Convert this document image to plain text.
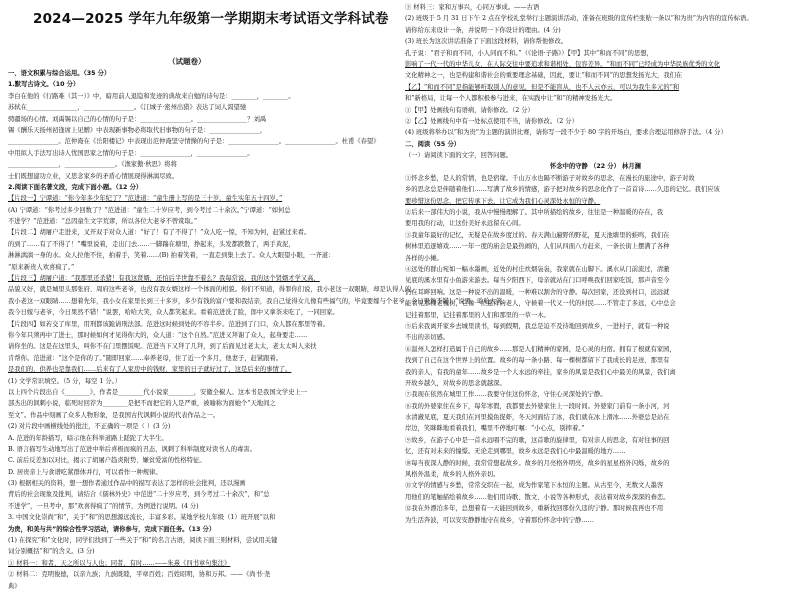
2024—2025 学年九年级第一学期期末考试语文学科试卷
（试题卷）
一、语文积累与综合运用。（35 分）
1.默写古诗文。（10 分）
李白在他的《行路难（其一）》中，暗用前人退隐和发迹的典故来自勉的诗句是：________，________。
苏轼在________________，________________。《江城子·密州出猎》表达了词人渴望驰
骋疆场的心情。刘禹锡以自己的心情的句子是：________________。________________？刘禹
锡《酬乐天扬州初逢席上见赠》中表现新事物必将取代旧事物的句子是：________________，
________________。范仲淹在《岳阳楼记》中表现出范仲淹坚守情操的句子是：________________。________________。杜甫《春望》
中用拟人手法写出诗人忧国思家之情的句子是：________________，________________。
________________，________________。《渔家傲·秋思》将将
士们既想建功立业，又思念家乡的矛盾心情展现得淋漓尽致。
2.阅读下面名著文段，完成下面小题。（12 分）
【片段一】宁谭道：“你今年多少年纪了？”范进道：“童生册上写的是三十岁，童生实年五十四岁。”
(A) 宁谭道：“你考过多少回数了？”范进道：“童生二十岁应考，到今考过二十余次。”宁谭道：“如何总
不进学？”范进道：“总因童生文字荒谬，所以各位大老爷不曾赏取。”
【片段二】胡屠户走进来，叉开双手对众人道：“好了！有了不得了！”众人吃一惊，不知为何，赶紧过来看。
的到了……有了不得了！”嘴里说着，走出门去……一脚踹在塘里，挣起来，头发都跌散了，两手黄泥，
淋淋漓漓一身的水。众人拉他不住，拍着手，笑着……(B) 拍着笑着，一直走到集上去了。众人大眼望小眼，一齐道：
“原来新贵人欢喜疯了。”
【片段三】胡屠户道：“我那里还杀猪！有我这贤婿，还怕后半世靠不着么？我每常说，我的这个贤婿才学又高，
品貌又好，就是城里头那张府、周府这些老爷，也没有我女婿这样一个体面的相貌。你们不知道，得罪你们说，我小老这一双眼睛，却是认得人的。
我小老这一双眼睛……想着先年，我小女在家里长到三十多岁，多少有钱的富户要和我结亲，我自己觉得女儿像有些福气的，毕竟要嫁与个老爷，今日果然不错！”说罢，哈哈大笑。
我今日嫁与老爷，今日果然不错！”说罢，哈哈大笑，众人都笑起来。看着范进洗了脸，郎中又拿茶来吃了，一同回家。
【片段四】如若交了库里，用刑都该跪请刑法部。范进这时候到处的不容半步。范进到了门口，众人都在那里等着。
你今年只须再中了进士，那时候如何才见得你大的，众人道：“这个自然。”范进又拜谢了众人，起身要走……
请你坐的。这是在这里头，叫你不在门里摆饭呢。范进当下又拜了几拜，到了后面见过老太太，老太太叫人来扶
肯帮你。范进道：“这个是你的了。”随即回家……奉养老母，住了近一个多月，他妻子，赶紧跟着。
是我们的，供养也是靠我们……后来有了人家房中的钱财，家里的日子就好过了，这是后来的事情了。
(1) 文学常识填空。（5 分，每空 1 分。）
以上四个片段出自《________》，作者是________代小说家________，安徽全椒人。这本书是我国文学史上一
部杰出的讽刺小说，临死时回荐为________是把不而把它的人是严重，被喻称为面她个“天地间之
至文”。作品中刻画了众多人物形象，是我国古代讽刺小说的代表作品之一。
(2) 对片段中画横线处的批注，不正确的一项是（ ）(3 分)
A. 范进的年龄描写，暗示他在科举道路上蹉跎了大半生。
B. 语言描写生动地写出了范进中举后喜极而疯的丑态，讽刺了科举制度对读书人的毒害。
C. 前后反差加以对比，揭示了胡屠户趋炎附势、嫌贫爱富的性格特征。
D. 居贵亲上与食谱吃紧群体并行，可以看作一种规律。
(3) 根据相关的资料，想一想作者通过作品中的描写表达了怎样的社会批判，还以漫画
背后的社会现象及批判，请结合《儒林外史》中范进“二十岁应考，到今考过二十余次”，和“总
不进学”，一旦考中，那“欢喜得疯了”的情节，为例进行说明。(4 分)
3. 中国文化崇尚“和”，关于“和”的思想源远流长，丰富多彩。某地学校九年级（1）班开展“以和
为贵，和美与共”的综合性学习活动，请你参与，完成下面任务。（13 分）
(1) 在探究“和”文化时，同学们找到了一些关于“和”的名言古语，阅读下面三则材料，尝试用关键
词分别概括“和”的含义。(3 分)
① 材料一：和者，天之所以与人也；同者，有时……——朱熹《四书章句集注》
② 材料二：克明俊德，以亲九族；九族既睦，平章百姓；百姓昭明，协和万邦。——《尚书·尧
典》
③ 材料三：家和万事兴，心同万事成。——古语
(2) 班级于 5 月 31 日下午 2 点在学校礼堂举行主题演讲活动，准备在班级的宣传栏张贴一条以“和为贵”为内容的宣传标语。
请你给东来设计一条，并说明一下你设计的理由。(4 分)
(3) 班长为这次讲话准备了下面这段材料，请你帮他修改。
孔子说：“君子和而不同，小人同而不和。”（《论语·子路》）【甲】其中“和而不同”的思想，
影响了一代一代的中华儿女，在人际交往中要追求和谐相处、包容差异。“和而不同”已经成为中华民族优秀的文化
文化精神之一，也是构建和谐社会的重要理念基础，因此，要让“和而不同”的思想发扬光大，我们在
【乙】“和而不同”是指能够听取别人的意见，但是不能盲从，也不人云亦云，可以为我生多元的“和
和”新格局，让每一个人都积极参与进来，在实践中让“和”的精神发扬光大。
①【甲】处画线句有语病，请你修改。（2 分）
②【乙】处画线句中有一处标点使用不当，请你修改。（2 分）
(4) 班级将举办以“和为贵”为主题的演讲比赛，请你写一段不少于 80 字的开场白，要求合理运用修辞手法。（4 分）
二、阅读（55 分）
（一）请阅读下面的文字，回答问题。
怀念中的守静 （22 分） 林月澜
①怀念乡愁，是人的常情，也是宿缘。千山万水也隔不断游子对故乡的思念，在漫长的旅途中，游子对故
乡的思念总是伴随着他们……写满了故乡的情感，游子把对故乡的思念化作了一首首诗……久违的记忆。我们应该
要珍惜这份思念，把它传承下去，让它成为我们心灵深处永恒的守静。
②后来一部伟大的小说，我从中慢慢理解了。其中所描绘的故乡，往往是一种温暖的存在，我
要用我的行动，让这份美好永远留在心间。
③我童年最好的记忆，无疑是在故乡度过的。春天满山遍野的野花，夏天池塘里的蛙鸣，我们在
树林里追逐嬉戏……一年一度的庙会是最热闹的，人们从四面八方赶来，一条长街上摆满了各种
各样的小摊。
④远处的群山宛如一幅水墨画，近处的村庄炊烟袅袅，我家就在山脚下。溪水从门前流过，清澈
见底的溪水里有小鱼游来游去。每当夕阳西下，母亲就站在门口呼唤我们回家吃饭，那声音至今
仍在耳畔回响。这是一种说不出的温暖，一种难以割舍的守静。每次回家，还没到村口，远远就
能看见那棵老槐树，它像一位慈祥的老人，守候着一代又一代的村民……不管走了多远，心中总会
记挂着那里，记挂着那里的人们和那里的一草一木。
⑤后来我离开家乡去城里读书，每到假期，我总是迫不及待地回到故乡，一进村子，就有一种说
不出的亲切感。
⑥温州人怎样打造属于自己的故乡……那是人们精神的家园，是心灵的归宿。拥有了根就有家园，
找到了自己在这个世界上的位置。故乡的每一条小路、每一棵树都留下了我成长的足迹，那里有
我的亲人，有我的童年……故乡是一个人永远的牵挂，家乡的风景是我们心中最美的风景，我们离
开故乡越久，对故乡的思念就越深。
⑦我现在依然在城里工作……我要守住这份怀念，守住心灵深处的宁静。
⑧我的外婆家住在乡下，每年寒假，我都要去外婆家住上一段时间。外婆家门前有一条小河，河
水清澈见底，夏天我们在河里摸鱼捉虾，冬天河面结了冰，我们就在冰上滑冰……外婆总是站在
岸边，笑眯眯地看着我们，嘴里不停地叮嘱：“小心点，别摔着。”
⑨故乡，在游子心中是一首永远唱不完的歌，这首歌的旋律里，有对亲人的思念，有对往事的回
忆，还有对未来的憧憬。无论走到哪里，故乡永远是我们心中最温暖的地方……
⑩每当夜深人静的时候，我常常想起故乡。故乡的月亮格外明亮，故乡的星星格外闪烁，故乡的
风格外温柔，故乡的人格外亲切。
⑪文学的情感与乡愁，常常交织在一起，成为作家笔下永恒的主题。从古至今，无数文人墨客
用他们的笔触描绘着故乡……他们用诗歌、散文、小说等各种形式，表达着对故乡深深的眷恋。
⑫我在外漂泊多年，总想着有一天能回到故乡，重新找回那份久违的宁静。那时候我再也不用
为生活奔波，可以安安静静地守在故乡，守着那份怀念中的宁静……
